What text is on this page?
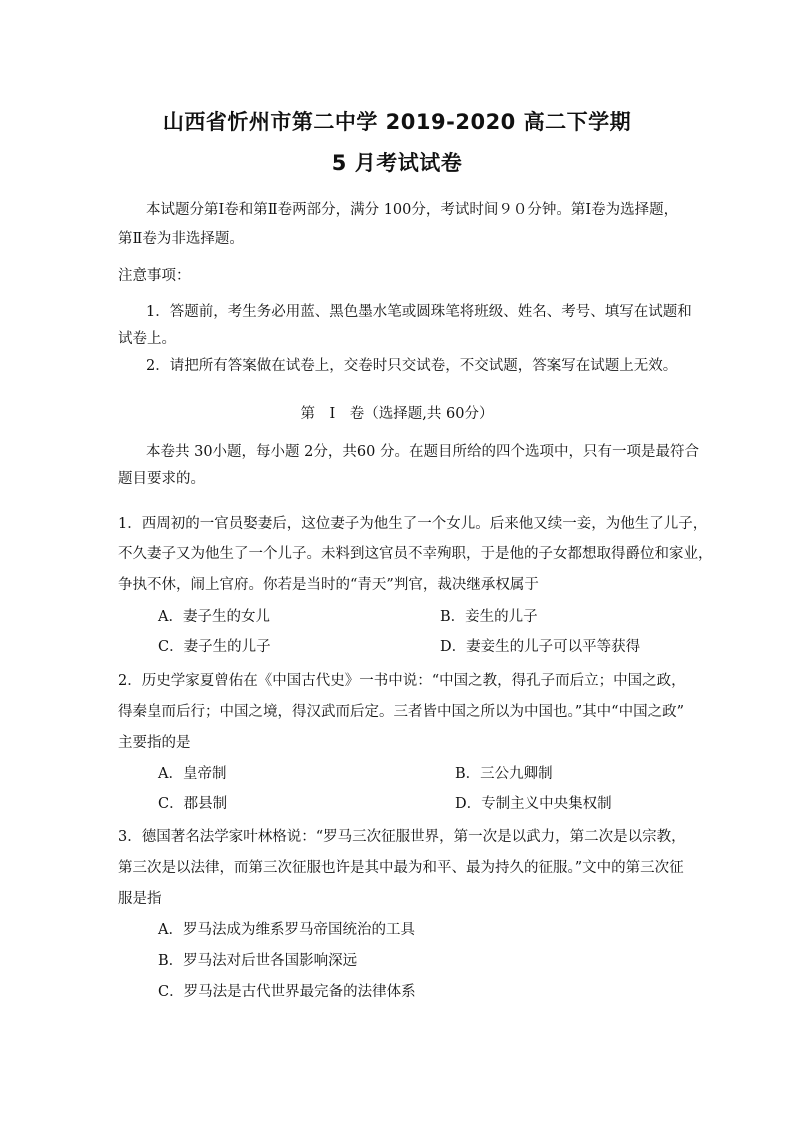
山西省忻州市第二中学 2019-2020 高二下学期
5 月考试试卷
本试题分第Ⅰ卷和第Ⅱ卷两部分，满分 100分，考试时间９０分钟。第Ⅰ卷为选择题，
第Ⅱ卷为非选择题。
注意事项：
1．答题前，考生务必用蓝、黑色墨水笔或圆珠笔将班级、姓名、考号、填写在试题和
试卷上。
2．请把所有答案做在试卷上，交卷时只交试卷，不交试题，答案写在试题上无效。
第　Ⅰ　卷（选择题,共 60分）
本卷共 30小题，每小题 2分，共60 分。在题目所给的四个选项中，只有一项是最符合
题目要求的。
1．西周初的一官员娶妻后，这位妻子为他生了一个女儿。后来他又续一妾，为他生了儿子，
不久妻子又为他生了一个儿子。未料到这官员不幸殉职，于是他的子女都想取得爵位和家业，
争执不休，闹上官府。你若是当时的“青天”判官，裁决继承权属于
A．妻子生的女儿	B．妾生的儿子
C．妻子生的儿子	D．妻妾生的儿子可以平等获得
2．历史学家夏曾佑在《中国古代史》一书中说：“中国之教，得孔子而后立；中国之政，
得秦皇而后行；中国之境，得汉武而后定。三者皆中国之所以为中国也。”其中“中国之政”
主要指的是
A．皇帝制	B．三公九卿制
C．郡县制	D．专制主义中央集权制
3．德国著名法学家叶林格说：“罗马三次征服世界，第一次是以武力，第二次是以宗教，
第三次是以法律，而第三次征服也许是其中最为和平、最为持久的征服。”文中的第三次征
服是指
A．罗马法成为维系罗马帝国统治的工具
B．罗马法对后世各国影响深远
C．罗马法是古代世界最完备的法律体系
